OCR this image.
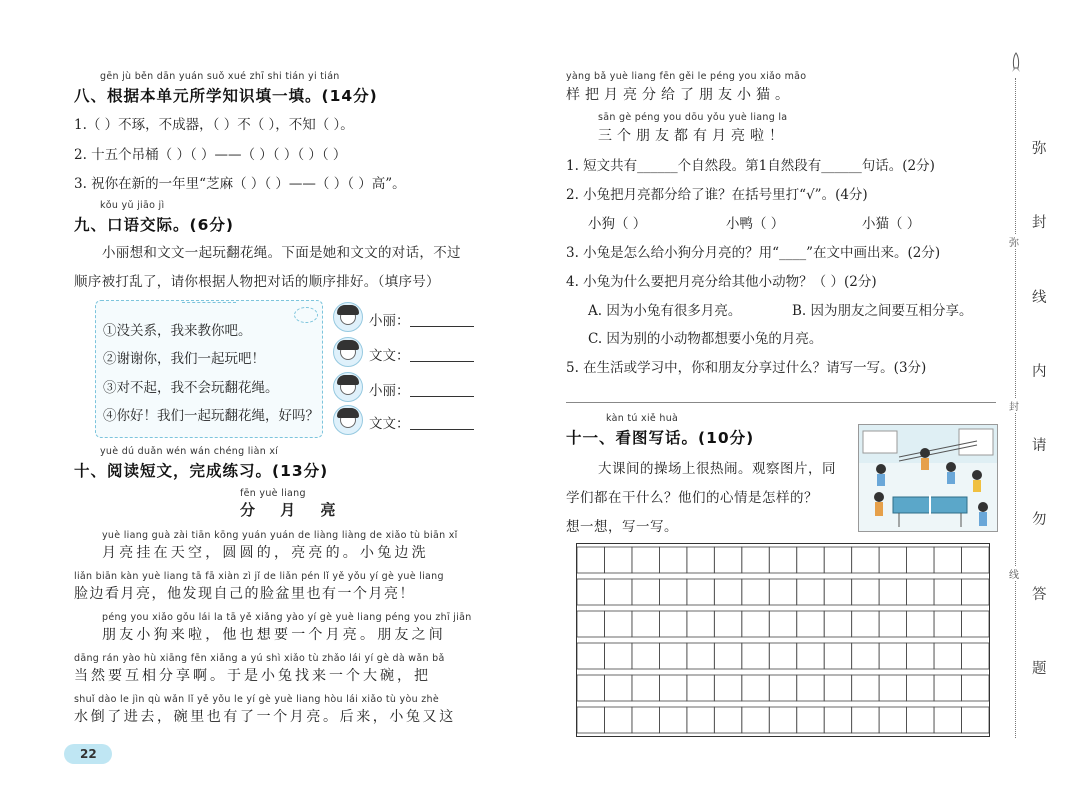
gēn jù běn dān yuán suǒ xué zhī shi tián yi tián
八、根据本单元所学知识填一填。(14分)
1.（ ）不琢，不成器，（ ）不（ ），不知（ ）。
2. 十五个吊桶（ ）（ ）——（ ）（ ）（ ）（ ）
3. 祝你在新的一年里“芝麻（ ）（ ）——（ ）（ ）高”。
kǒu yǔ jiāo jì
九、口语交际。(6分)
小丽想和文文一起玩翻花绳。下面是她和文文的对话，不过
顺序被打乱了，请你根据人物把对话的顺序排好。（填序号）
①没关系，我来教你吧。
②谢谢你，我们一起玩吧！
③对不起，我不会玩翻花绳。
④你好！我们一起玩翻花绳，好吗？
小丽：
文文：
小丽：
文文：
yuè dú duǎn wén wán chéng liàn xí
十、阅读短文，完成练习。(13分)
fēn yuè liang
分 月 亮
yuè liang guà zài tiān kōng yuán yuán de liàng liàng de xiǎo tù biān xǐ
月亮挂在天空，圆圆的，亮亮的。小兔边洗
liǎn biān kàn yuè liang tā fā xiàn zì jǐ de liǎn pén lǐ yě yǒu yí gè yuè liang
脸边看月亮，他发现自己的脸盆里也有一个月亮！
péng you xiǎo gǒu lái la tā yě xiǎng yào yí gè yuè liang péng you zhī jiān
朋友小狗来啦，他也想要一个月亮。朋友之间
dāng rán yào hù xiāng fēn xiǎng a yú shì xiǎo tù zhǎo lái yí gè dà wǎn bǎ
当然要互相分享啊。于是小兔找来一个大碗，把
shuǐ dào le jìn qù wǎn lǐ yě yǒu le yí gè yuè liang hòu lái xiǎo tù yòu zhè
水倒了进去，碗里也有了一个月亮。后来，小兔又这
22
yàng bǎ yuè liang fēn gěi le péng you xiǎo māo
样把月亮分给了朋友小猫。
sān gè péng you dōu yǒu yuè liang la
三个朋友都有月亮啦！
1. 短文共有______个自然段。第1自然段有______句话。(2分)
2. 小兔把月亮都分给了谁？在括号里打“√”。(4分)
小狗（ ）	小鸭（ ）	小猫（ ）
3. 小兔是怎么给小狗分月亮的？用“____”在文中画出来。(2分)
4. 小兔为什么要把月亮分给其他小动物？（ ）(2分)
A. 因为小兔有很多月亮。	B. 因为朋友之间要互相分享。
C. 因为别的小动物都想要小兔的月亮。
5. 在生活或学习中，你和朋友分享过什么？请写一写。(3分)
kàn tú xiě huà
十一、看图写话。(10分)
大课间的操场上很热闹。观察图片，同
学们都在干什么？他们的心情是怎样的？
想一想，写一写。
弥
封
线
弥
封
线
内
请
勿
答
题
